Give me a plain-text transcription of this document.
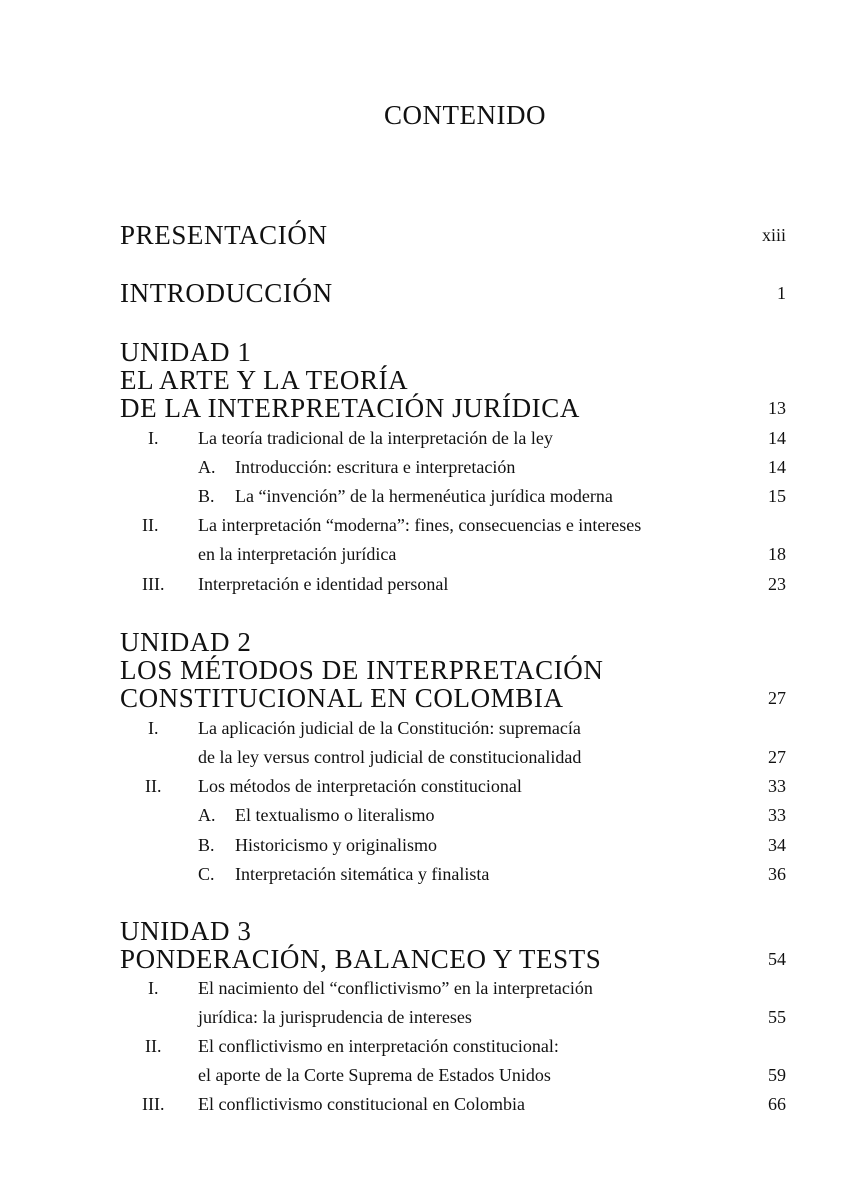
CONTENIDO
PRESENTACIÓN	xiii
INTRODUCCIÓN	1
UNIDAD 1
EL ARTE Y LA TEORÍA
DE LA INTERPRETACIÓN JURÍDICA	13
I. La teoría tradicional de la interpretación de la ley	14
A. Introducción: escritura e interpretación	14
B. La “invención” de la hermenéutica jurídica moderna	15
II. La interpretación “moderna”: fines, consecuencias e intereses
en la interpretación jurídica	18
III. Interpretación e identidad personal	23
UNIDAD 2
LOS MÉTODOS DE INTERPRETACIÓN
CONSTITUCIONAL EN COLOMBIA	27
I. La aplicación judicial de la Constitución: supremacía
de la ley versus control judicial de constitucionalidad	27
II. Los métodos de interpretación constitucional	33
A. El textualismo o literalismo	33
B. Historicismo y originalismo	34
C. Interpretación sitemática y finalista	36
UNIDAD 3
PONDERACIÓN, BALANCEO Y TESTS	54
I. El nacimiento del “conflictivismo” en la interpretación
jurídica: la jurisprudencia de intereses	55
II. El conflictivismo en interpretación constitucional:
el aporte de la Corte Suprema de Estados Unidos	59
III. El conflictivismo constitucional en Colombia	66
